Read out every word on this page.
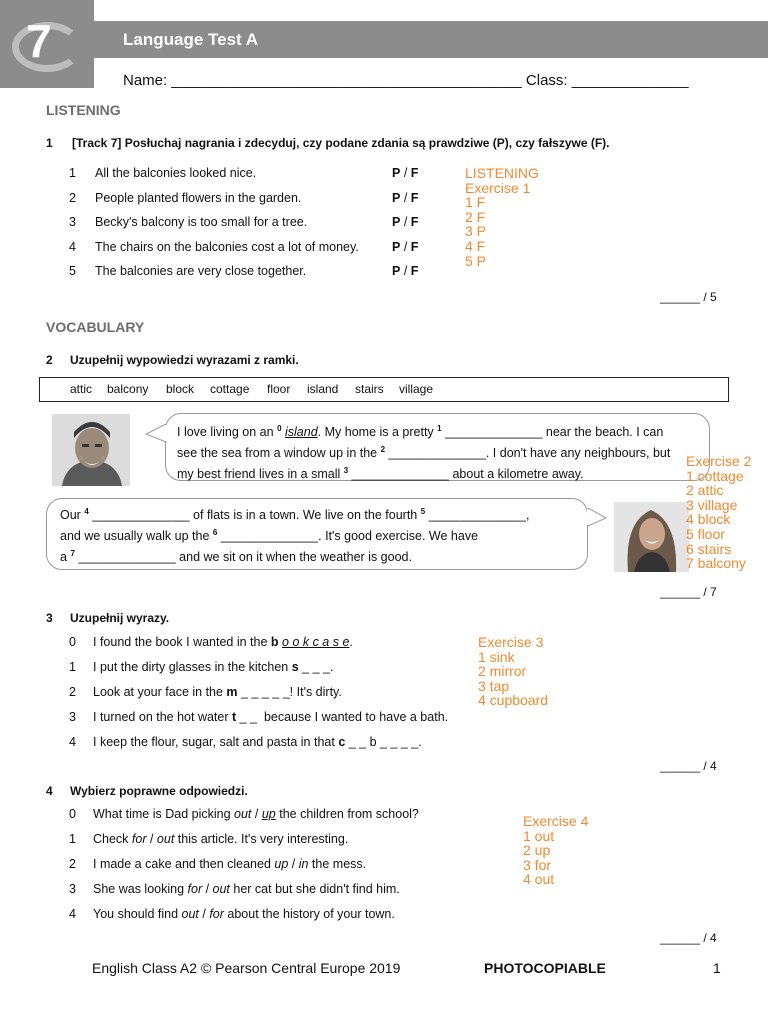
7	Language Test A
Name: __________________________________________ Class: ______________
LISTENING
1 [Track 7] Posłuchaj nagrania i zdecyduj, czy podane zdania są prawdziwe (P), czy fałszywe (F).
1 All the balconies looked nice.	P / F
2 People planted flowers in the garden.	P / F
3 Becky's balcony is too small for a tree.	P / F
4 The chairs on the balconies cost a lot of money.	P / F
5 The balconies are very close together.	P / F
LISTENING
Exercise 1
1 F
2 F
3 P
4 F
5 P
______ / 5
VOCABULARY
2 Uzupełnij wypowiedzi wyrazami z ramki.
attic balcony block cottage floor island stairs village
I love living on an $^0$ island. My home is a pretty $^1$ ______________ near the beach. I can
see the sea from a window up in the $^2$ ______________. I don't have any neighbours, but
my best friend lives in a small $^3$ ______________ about a kilometre away.
Our $^4$ ______________ of flats is in a town. We live on the fourth $^5$ ______________,
and we usually walk up the $^6$ ______________. It's good exercise. We have
a $^7$ ______________ and we sit on it when the weather is good.
Exercise 2
1 cottage
2 attic
3 village
4 block
5 floor
6 stairs
7 balcony
______ / 7
3 Uzupełnij wyrazy.
0 I found the book I wanted in the b o o k c a s e.
1 I put the dirty glasses in the kitchen s _ _ _.
2 Look at your face in the m _ _ _ _ _! It's dirty.
3 I turned on the hot water t _ _  because I wanted to have a bath.
4 I keep the flour, sugar, salt and pasta in that c _ _ b _ _ _ _.
Exercise 3
1 sink
2 mirror
3 tap
4 cupboard
______ / 4
4 Wybierz poprawne odpowiedzi.
0 What time is Dad picking out / up the children from school?
1 Check for / out this article. It's very interesting.
2 I made a cake and then cleaned up / in the mess.
3 She was looking for / out her cat but she didn't find him.
4 You should find out / for about the history of your town.
Exercise 4
1 out
2 up
3 for
4 out
______ / 4
English Class A2 © Pearson Central Europe 2019	PHOTOCOPIABLE	1
